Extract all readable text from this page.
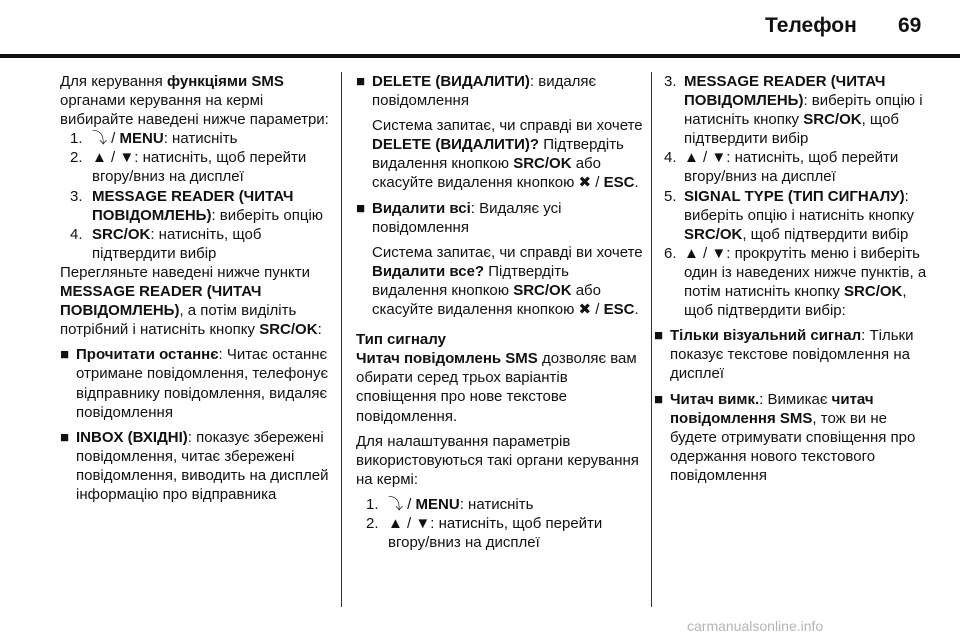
Телефон 69

Для керування функціями SMS органами керування на кермі вибирайте наведені нижче параметри:

1. ⤵ / MENU: натисніть
2. ▲ / ▼: натисніть, щоб перейти вгору/вниз на дисплеї
3. MESSAGE READER (ЧИТАЧ ПОВІДОМЛЕНЬ): виберіть опцію
4. SRC/OK: натисніть, щоб підтвердити вибір

Перегляньте наведені нижче пункти MESSAGE READER (ЧИТАЧ ПОВІДОМЛЕНЬ), а потім виділіть потрібний і натисніть кнопку SRC/OK:

■ Прочитати останнє: Читає останнє отримане повідомлення, телефонує відправнику повідомлення, видаляє повідомлення
■ INBOX (ВХІДНІ): показує збережені повідомлення, читає збережені повідомлення, виводить на дисплей інформацію про відправника
■ DELETE (ВИДАЛИТИ): видаляє повідомлення

Система запитає, чи справді ви хочете DELETE (ВИДАЛИТИ)? Підтвердіть видалення кнопкою SRC/OK або скасуйте видалення кнопкою ✖ / ESC.

■ Видалити всі: Видаляє усі повідомлення

Система запитає, чи справді ви хочете Видалити все? Підтвердіть видалення кнопкою SRC/OK або скасуйте видалення кнопкою ✖ / ESC.

Тип сигналу

Читач повідомлень SMS дозволяє вам обирати серед трьох варіантів сповіщення про нове текстове повідомлення.

Для налаштування параметрів використовуються такі органи керування на кермі:

1. ⤵ / MENU: натисніть
2. ▲ / ▼: натисніть, щоб перейти вгору/вниз на дисплеї
3. MESSAGE READER (ЧИТАЧ ПОВІДОМЛЕНЬ): виберіть опцію і натисніть кнопку SRC/OK, щоб підтвердити вибір
4. ▲ / ▼: натисніть, щоб перейти вгору/вниз на дисплеї
5. SIGNAL TYPE (ТИП СИГНАЛУ): виберіть опцію і натисніть кнопку SRC/OK, щоб підтвердити вибір
6. ▲ / ▼: прокрутіть меню і виберіть один із наведених нижче пунктів, а потім натисніть кнопку SRC/OK, щоб підтвердити вибір:
■ Тільки візуальний сигнал: Тільки показує текстове повідомлення на дисплеї
■ Читач вимк.: Вимикає читач повідомлення SMS, тож ви не будете отримувати сповіщення про одержання нового текстового повідомлення
carmanualsonline.info
